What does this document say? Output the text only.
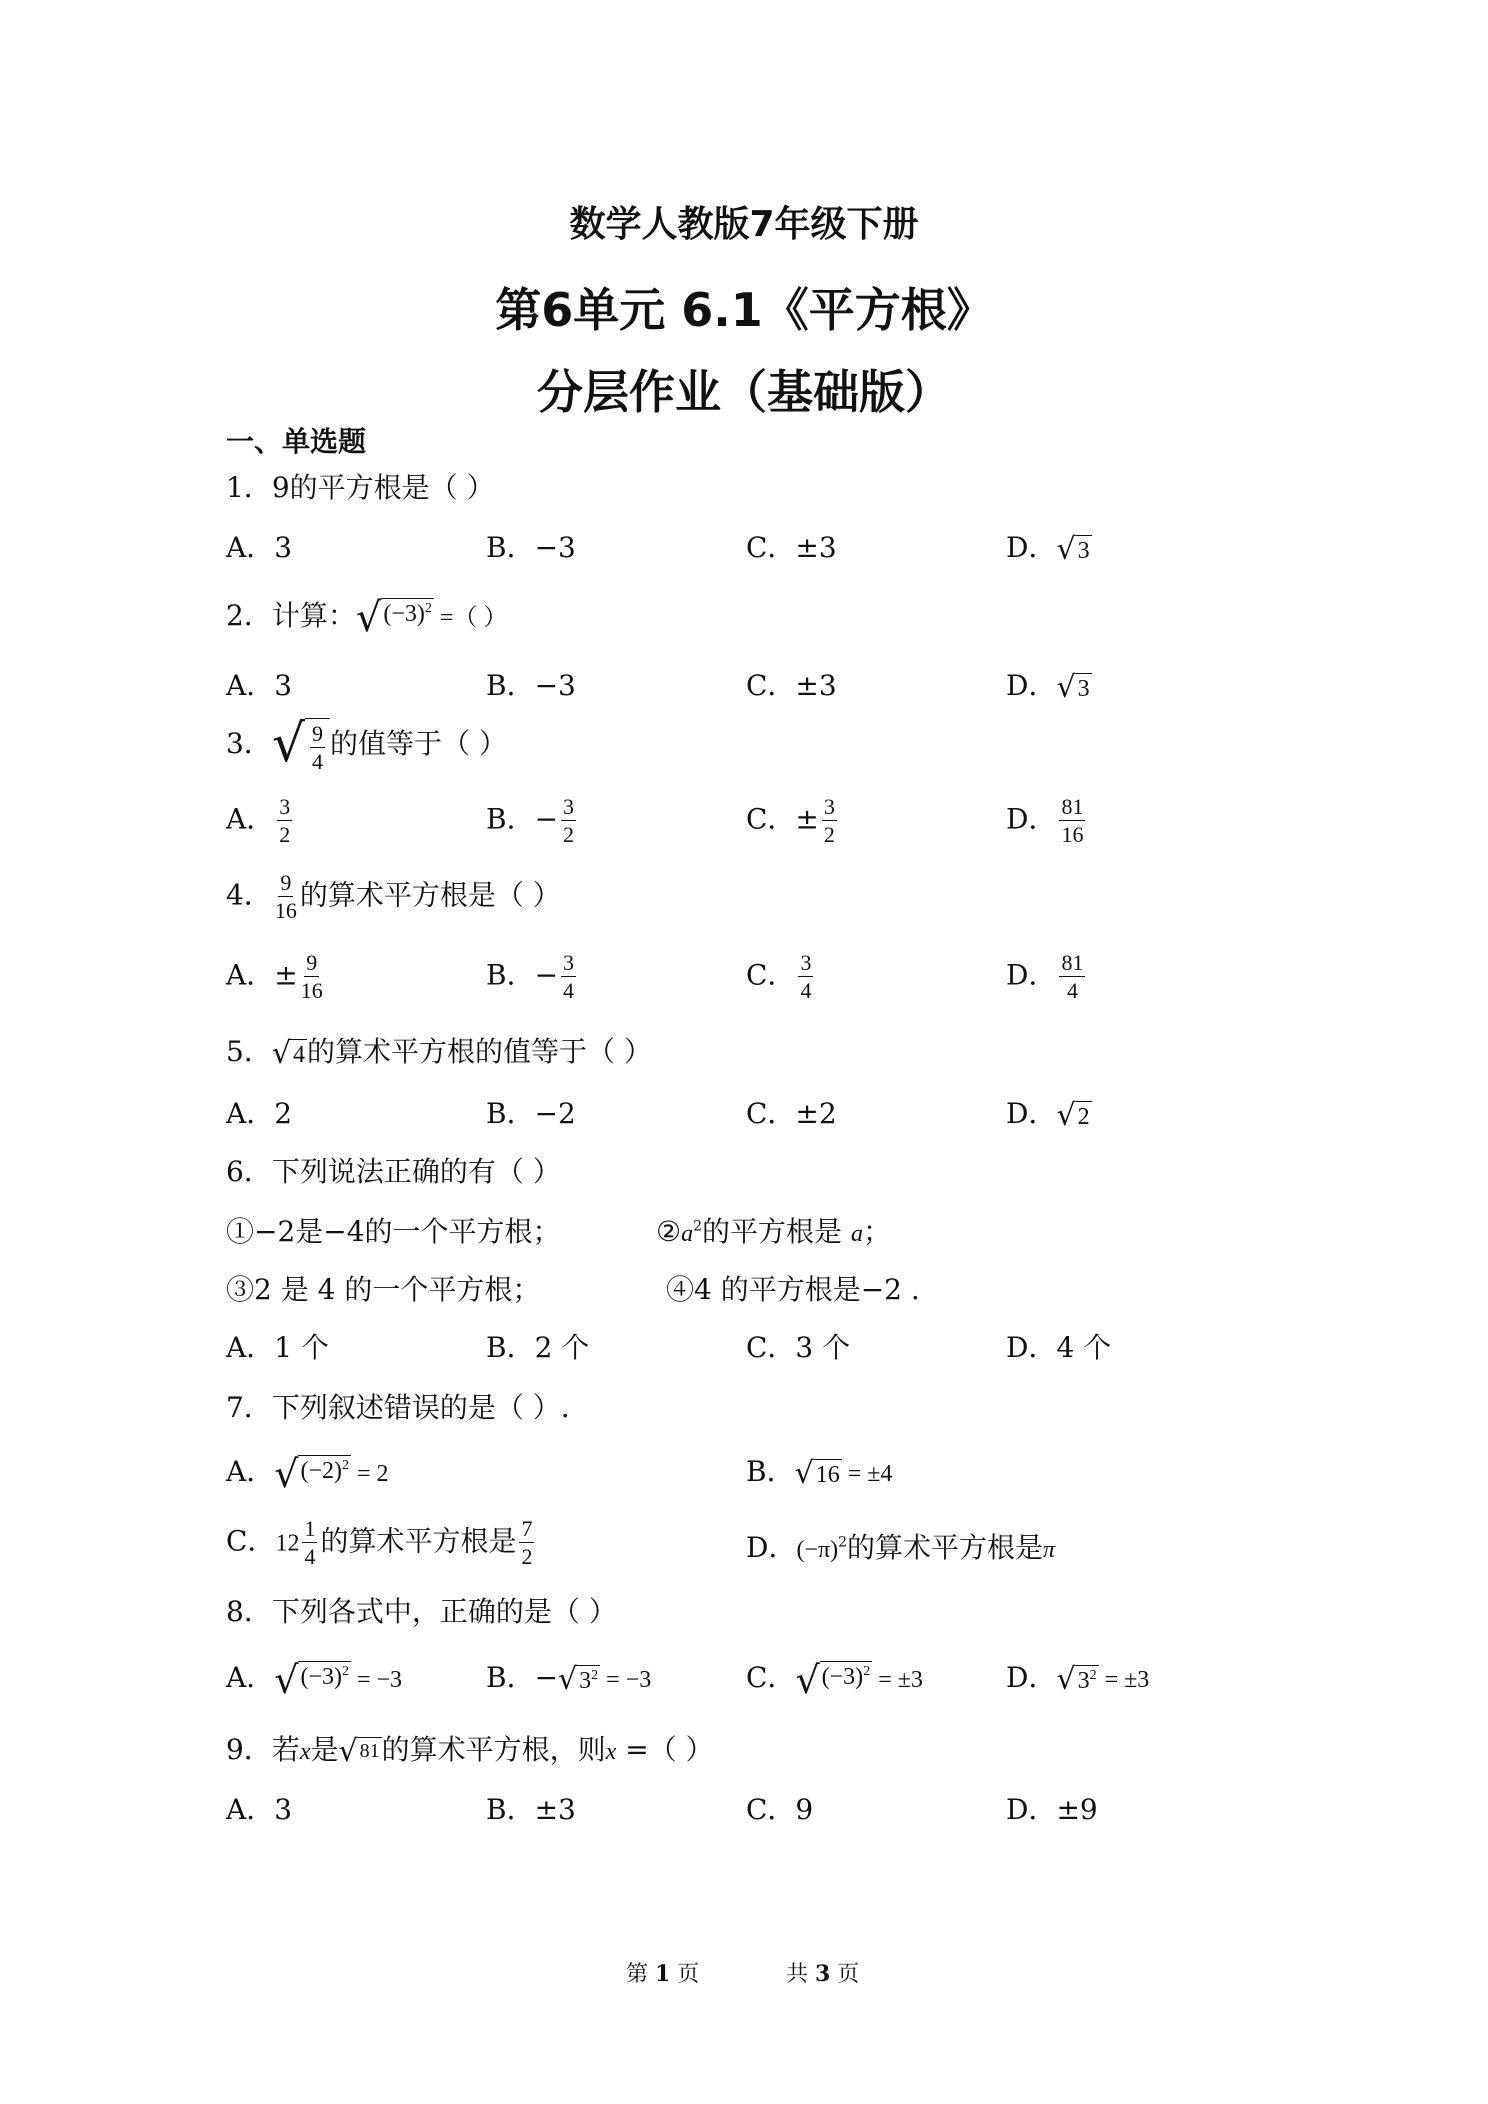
数学人教版7年级下册
第6单元 6.1《平方根》
分层作业（基础版）
一、单选题
1．9的平方根是（ ）
A．3	B．−3	C．±3	D． √ 3
2．计算： √ $(-3)^2$ =（ ）
A．3	B．−3	C．±3	D． √ 3
3． √ $\frac{9}{4}$ 的值等于（ ）
A． $\frac{3}{2}$	B．− $\frac{3}{2}$	C．± $\frac{3}{2}$	D． $\frac{81}{16}$
4． $\frac{9}{16}$ 的算术平方根是（ ）
A．± $\frac{9}{16}$	B．− $\frac{3}{4}$	C． $\frac{3}{4}$	D． $\frac{81}{4}$
5． √ 4 的算术平方根的值等于（ ）
A．2	B．−2	C．±2	D． √ 2
6．下列说法正确的有（ ）
①−2是−4的一个平方根；	$②a^2$的平方根是 a；
③2 是 4 的一个平方根；	④4 的平方根是−2 .
A．1 个	B．2 个	C．3 个	D．4 个
7．下列叙述错误的是（ ）.
A． √ $(-2)^2 = 2$	B． √ 16 = ±4
C．$12 \frac{1}{4}$ 的算术平方根是 $\frac{7}{2}$	D．$(-\pi)^2$的算术平方根是π
8．下列各式中，正确的是（ ）
A． √ $(-3)^2 = -3$	B．− √ $3^2 = -3$	C． √ $(-3)^2 = \pm 3$	D． √ $3^2 = \pm 3$
9．若x是 √ 81 的算术平方根，则x =（ ）
A．3	B．±3	C．9	D．±9
第 1 页	共 3 页
